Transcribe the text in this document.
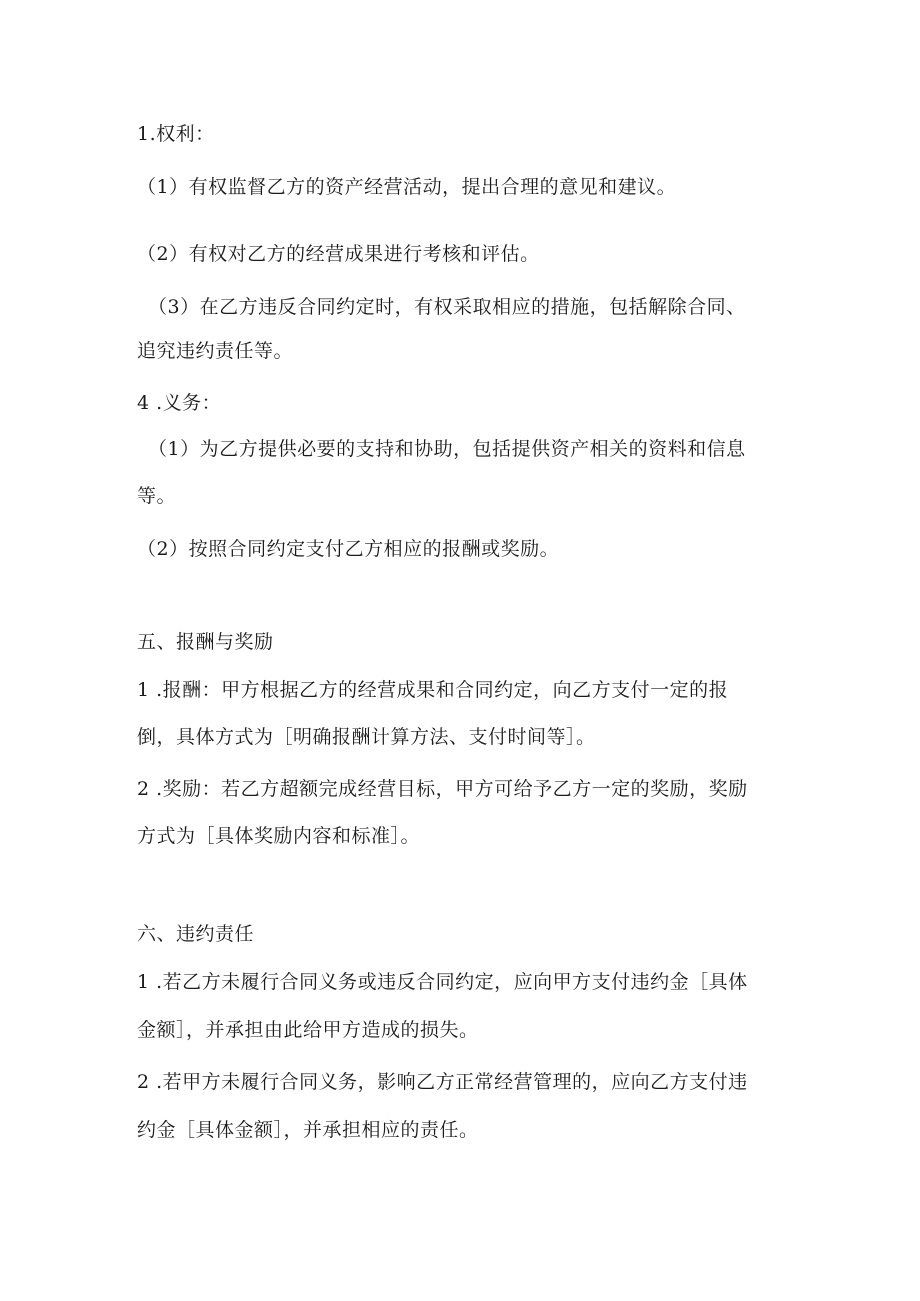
1.权利：
（1）有权监督乙方的资产经营活动，提出合理的意见和建议。
（2）有权对乙方的经营成果进行考核和评估。
（3）在乙方违反合同约定时，有权采取相应的措施，包括解除合同、
追究违约责任等。
4 .义务：
（1）为乙方提供必要的支持和协助，包括提供资产相关的资料和信息
等。
（2）按照合同约定支付乙方相应的报酬或奖励。
五、报酬与奖励
1 .报酬：甲方根据乙方的经营成果和合同约定，向乙方支付一定的报
倒，具体方式为［明确报酬计算方法、支付时间等］。
2 .奖励：若乙方超额完成经营目标，甲方可给予乙方一定的奖励，奖励
方式为［具体奖励内容和标准］。
六、违约责任
1 .若乙方未履行合同义务或违反合同约定，应向甲方支付违约金［具体
金额］，并承担由此给甲方造成的损失。
2 .若甲方未履行合同义务，影响乙方正常经营管理的，应向乙方支付违
约金［具体金额］，并承担相应的责任。
